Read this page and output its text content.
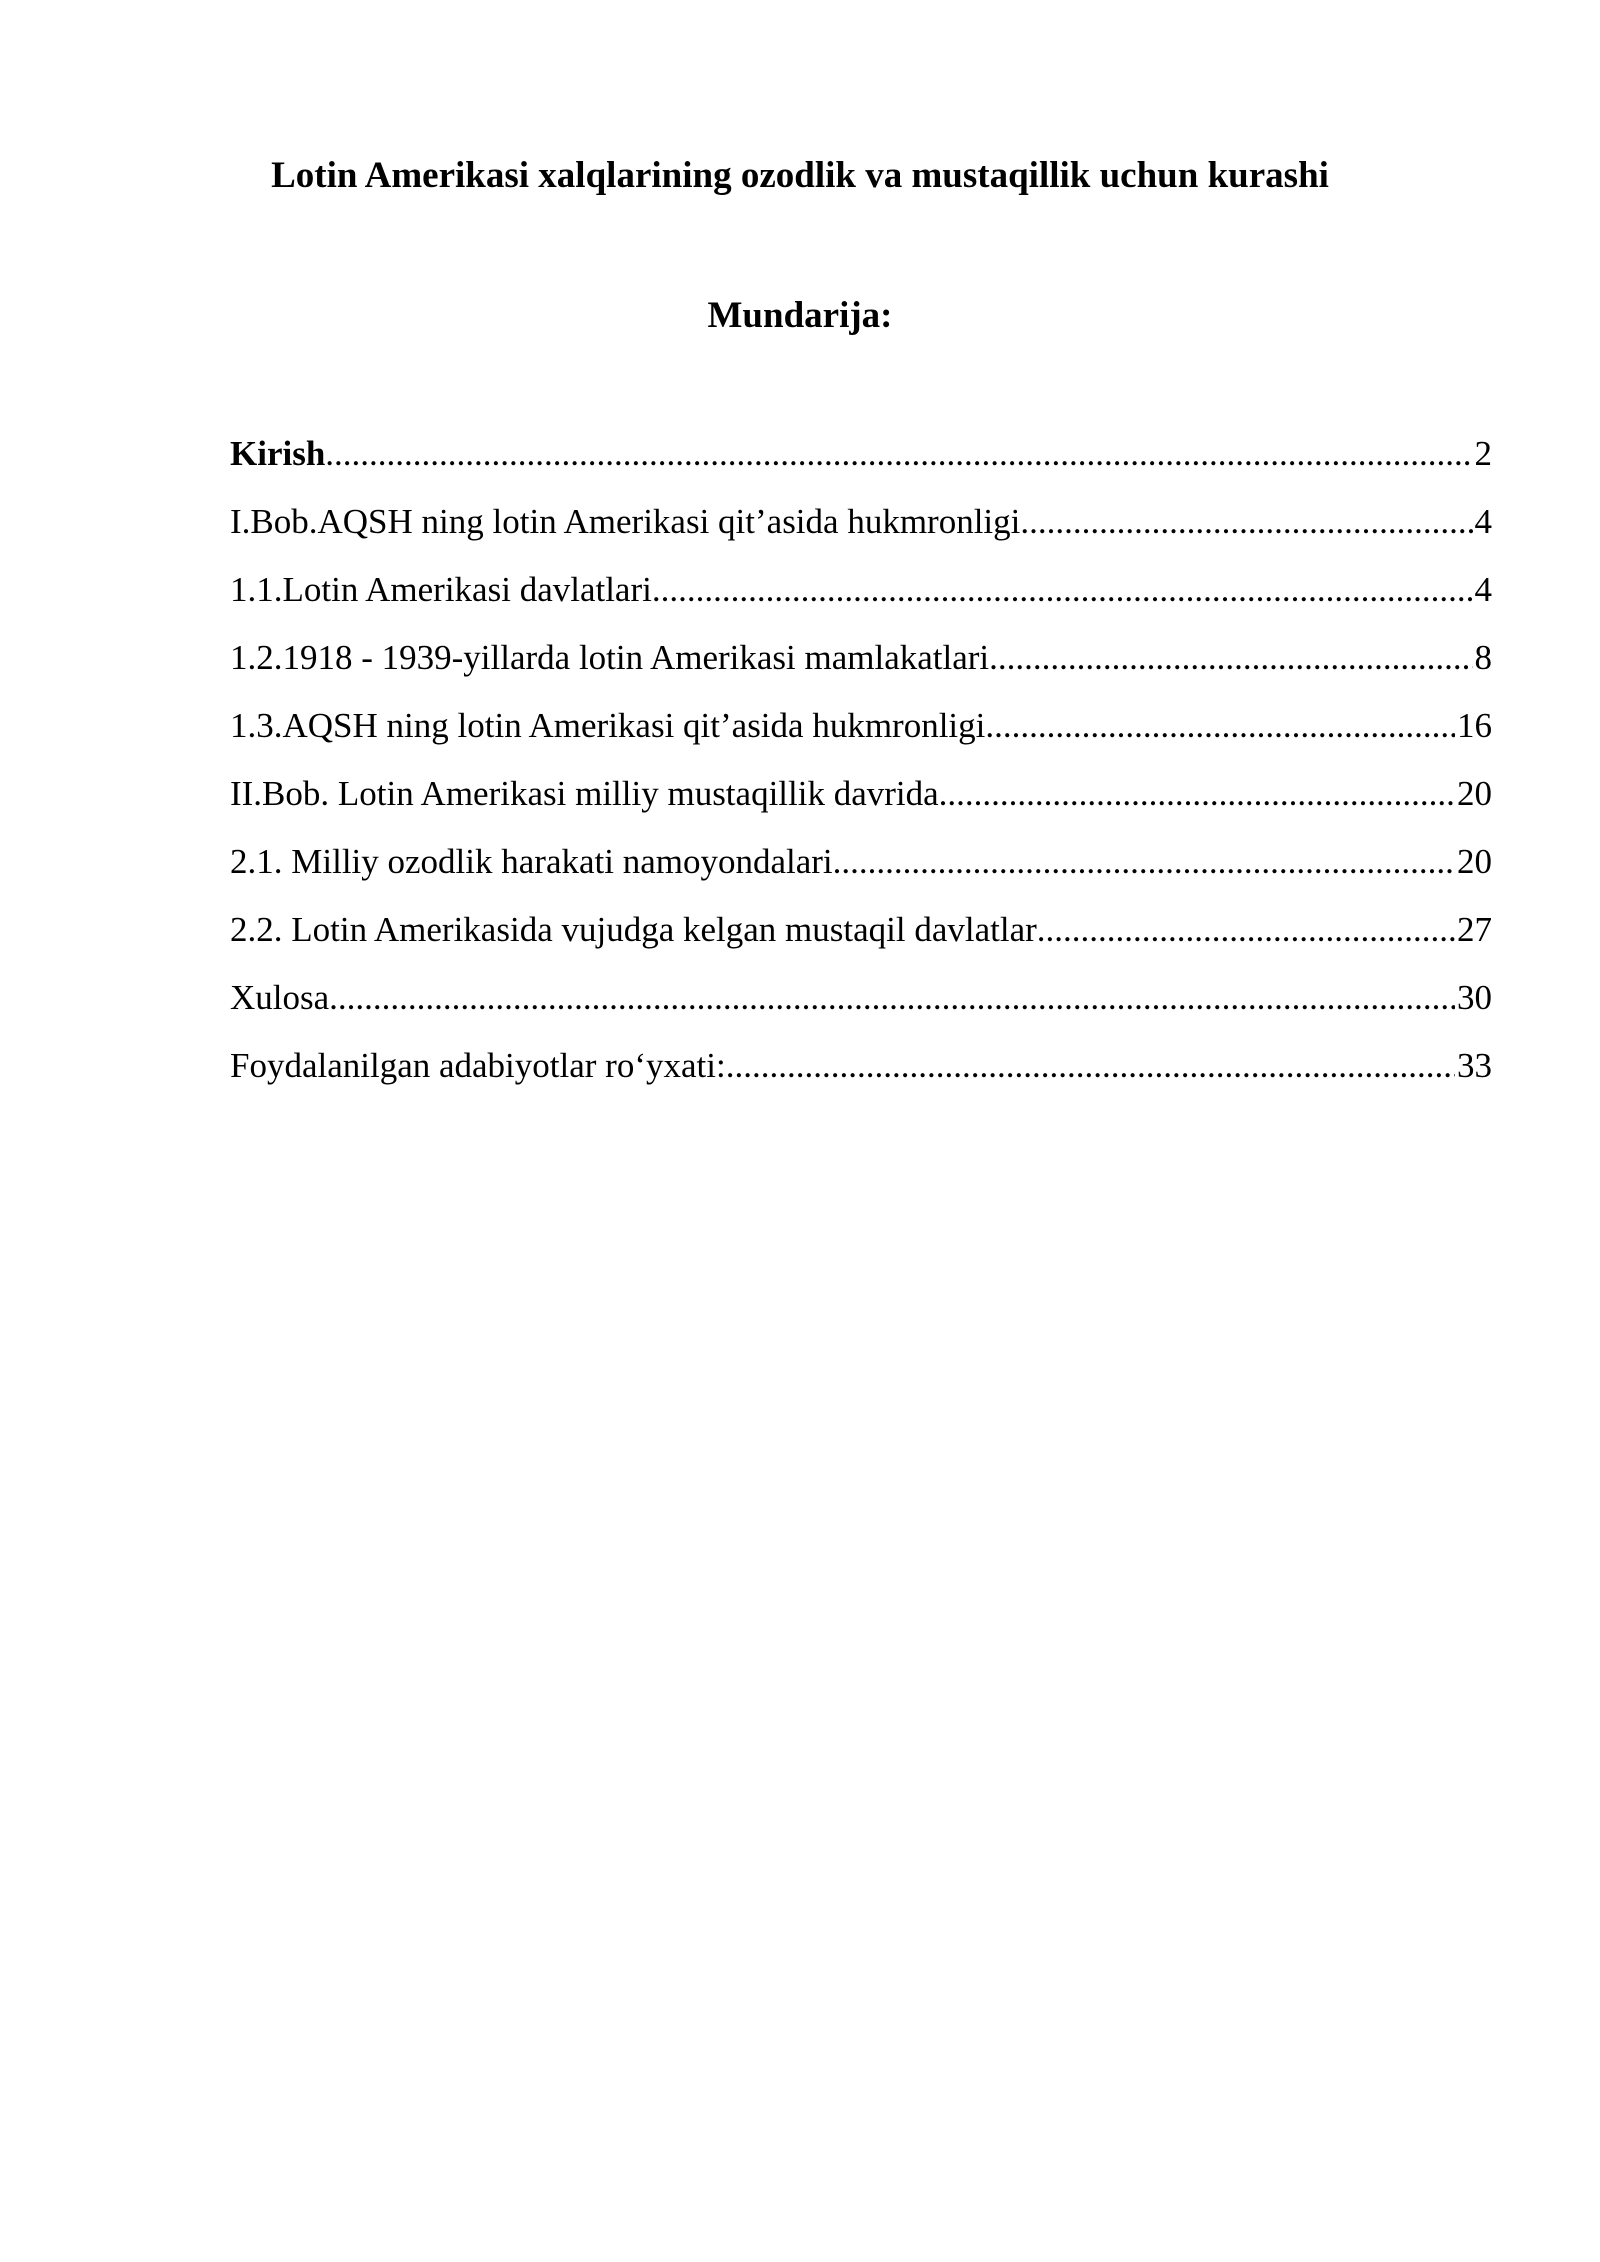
Lotin Amerikasi xalqlarining ozodlik va mustaqillik uchun kurashi
Mundarija:
Kirish .....	2
I.Bob.AQSH ning lotin Amerikasi qit’asida hukmronligi .....	4
1.1.Lotin Amerikasi davlatlari .....	4
1.2.1918 - 1939-yillarda lotin Amerikasi mamlakatlari .....	8
1.3.AQSH ning lotin Amerikasi qit’asida hukmronligi .....	16
II.Bob. Lotin Amerikasi milliy mustaqillik davrida .....	20
2.1. Milliy ozodlik harakati namoyondalari .....	20
2.2. Lotin Amerikasida vujudga kelgan mustaqil davlatlar .....	27
Xulosa .....	30
Foydalanilgan adabiyotlar ro‘yxati: .....	33
